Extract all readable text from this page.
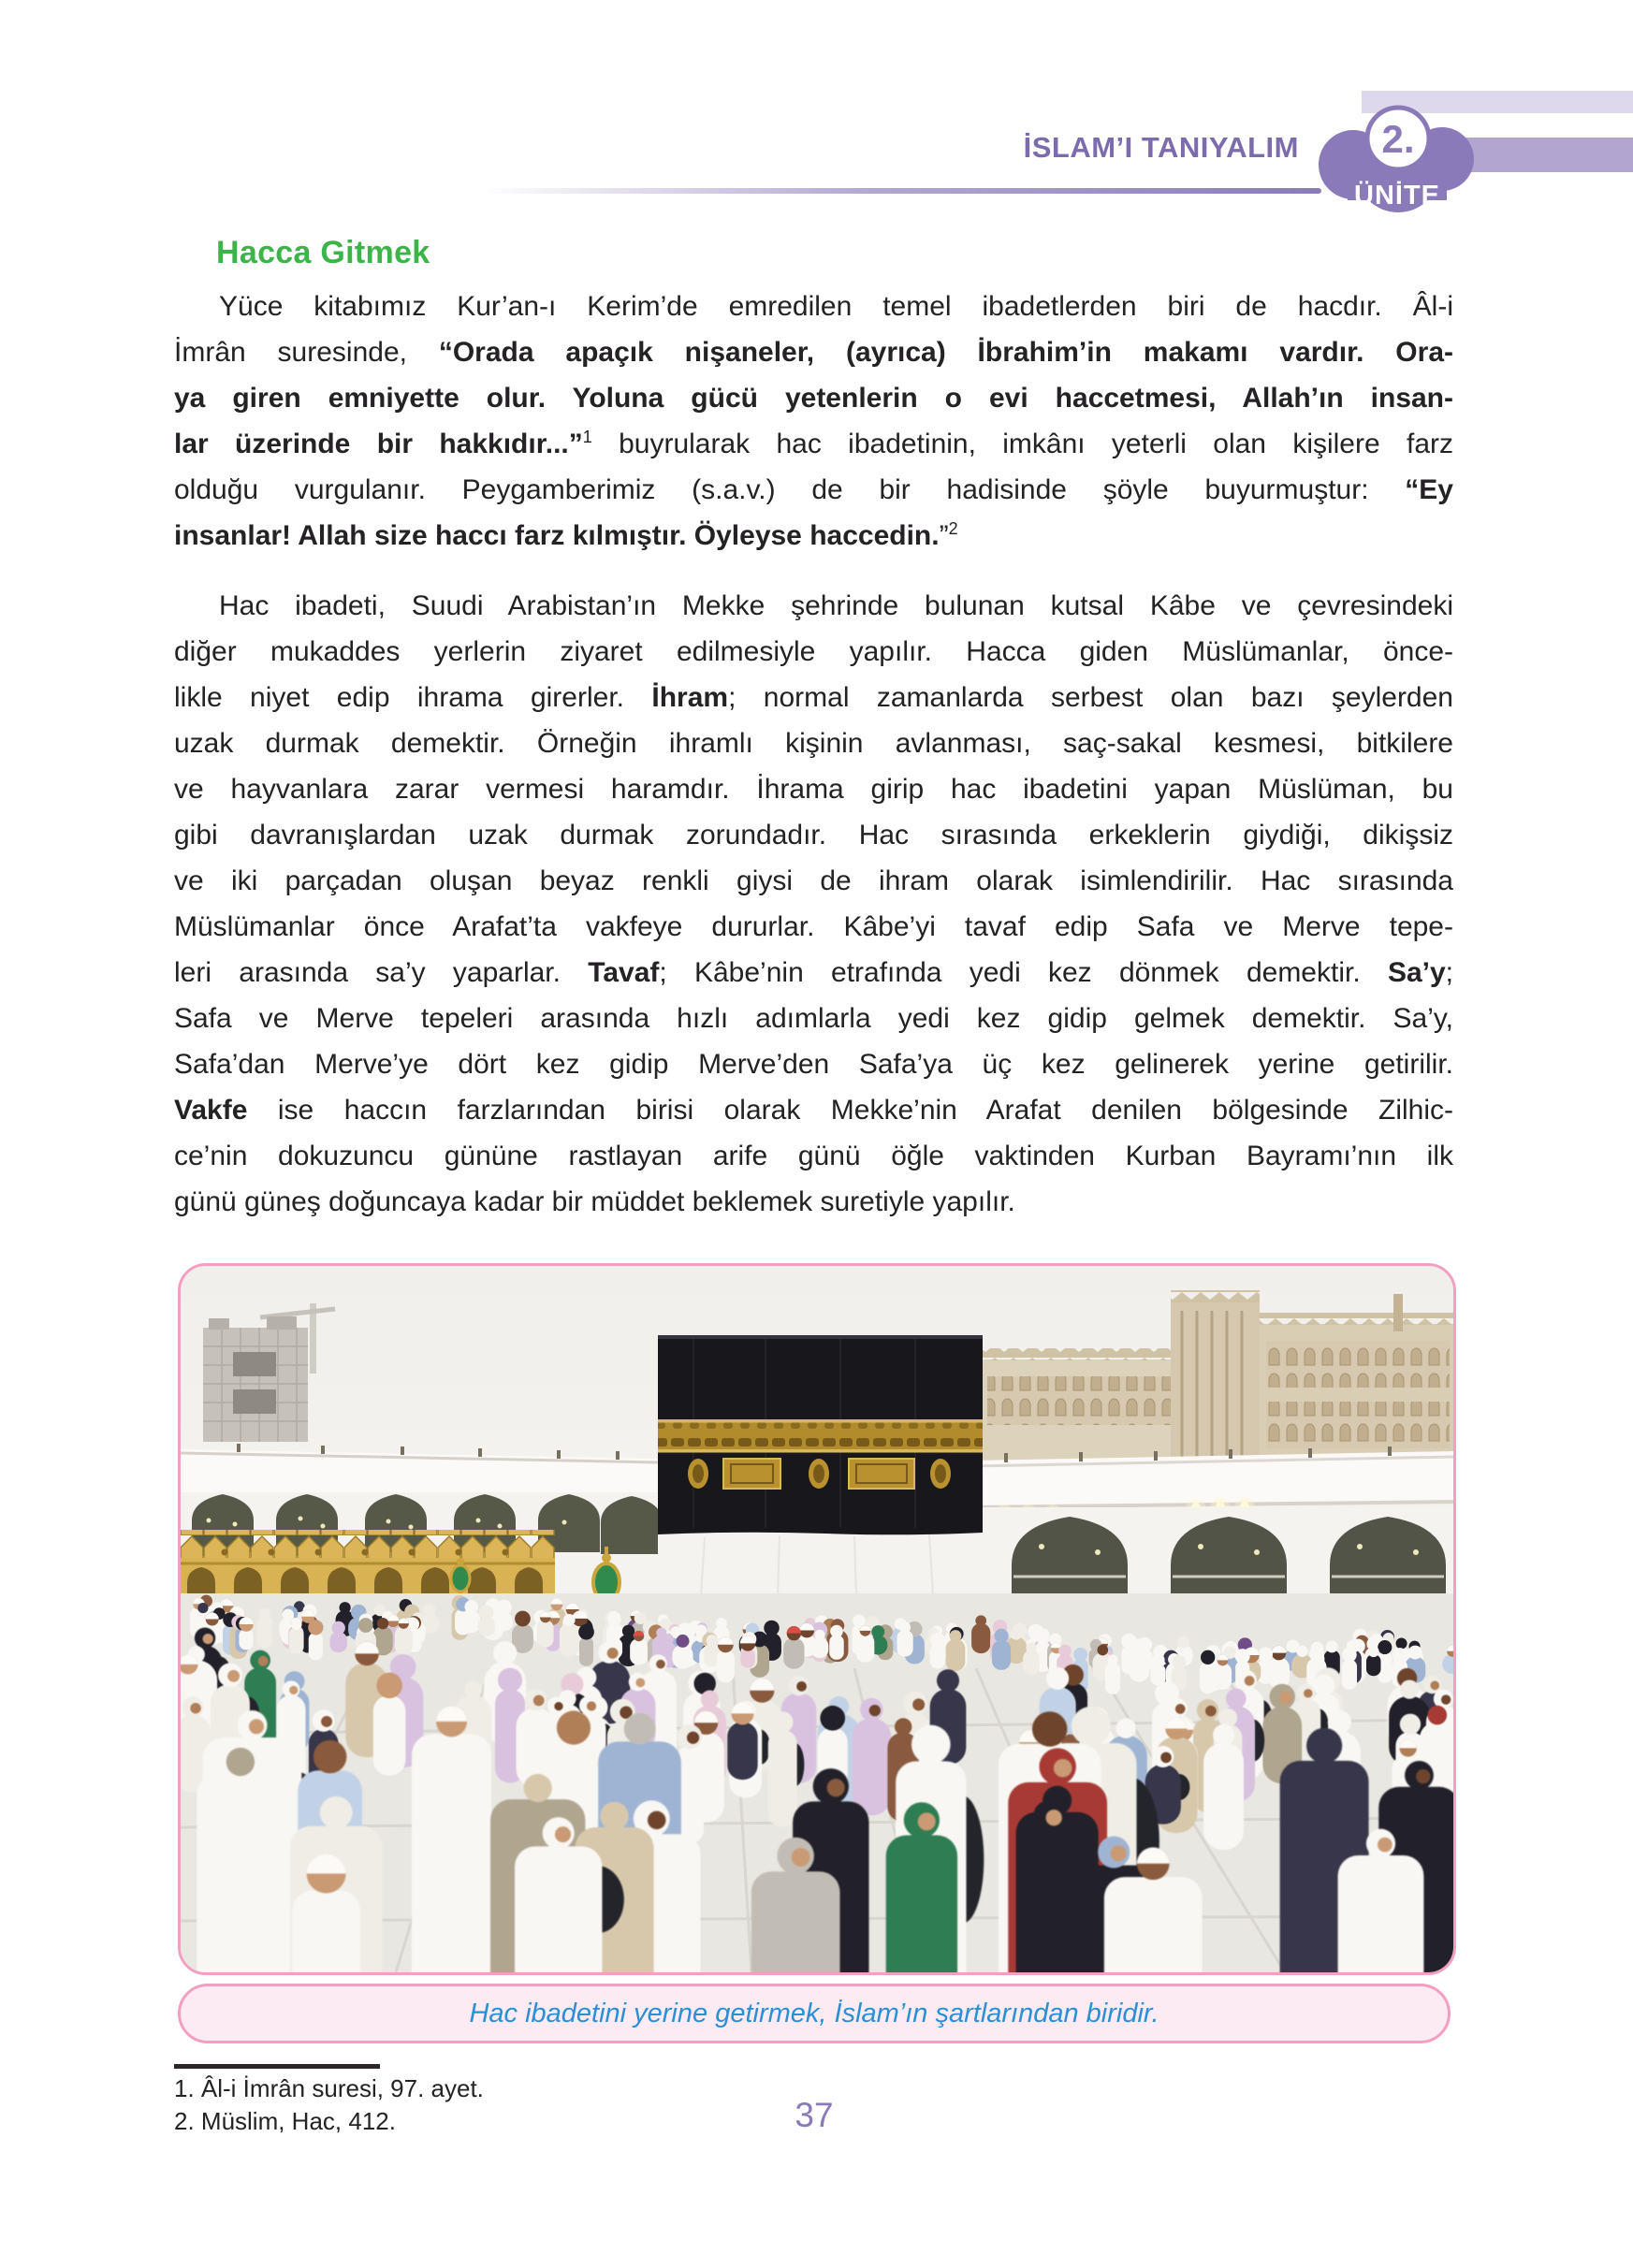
İSLAM’I TANIYALIM 2.
ÜNİTE
Hacca Gitmek
Yüce kitabımız Kur’an-ı Kerim’de emredilen temel ibadetlerden biri de hacdır. Âl-i
İmrân suresinde, “Orada apaçık nişaneler, (ayrıca) İbrahim’in makamı vardır. Ora-
ya giren emniyette olur. Yoluna gücü yetenlerin o evi haccetmesi, Allah’ın insan-
lar üzerinde bir hakkıdır...”$^1$ buyrularak hac ibadetinin, imkânı yeterli olan kişilere farz
olduğu vurgulanır. Peygamberimiz (s.a.v.) de bir hadisinde şöyle buyurmuştur: “Ey
insanlar! Allah size haccı farz kılmıştır. Öyleyse haccedin.”$^2$
Hac ibadeti, Suudi Arabistan’ın Mekke şehrinde bulunan kutsal Kâbe ve çevresindeki
diğer mukaddes yerlerin ziyaret edilmesiyle yapılır. Hacca giden Müslümanlar, önce-
likle niyet edip ihrama girerler. İhram; normal zamanlarda serbest olan bazı şeylerden
uzak durmak demektir. Örneğin ihramlı kişinin avlanması, saç-sakal kesmesi, bitkilere
ve hayvanlara zarar vermesi haramdır. İhrama girip hac ibadetini yapan Müslüman, bu
gibi davranışlardan uzak durmak zorundadır. Hac sırasında erkeklerin giydiği, dikişsiz
ve iki parçadan oluşan beyaz renkli giysi de ihram olarak isimlendirilir. Hac sırasında
Müslümanlar önce Arafat’ta vakfeye dururlar. Kâbe’yi tavaf edip Safa ve Merve tepe-
leri arasında sa’y yaparlar. Tavaf; Kâbe’nin etrafında yedi kez dönmek demektir. Sa’y;
Safa ve Merve tepeleri arasında hızlı adımlarla yedi kez gidip gelmek demektir. Sa’y,
Safa’dan Merve’ye dört kez gidip Merve’den Safa’ya üç kez gelinerek yerine getirilir.
Vakfe ise haccın farzlarından birisi olarak Mekke’nin Arafat denilen bölgesinde Zilhic-
ce’nin dokuzuncu gününe rastlayan arife günü öğle vaktinden Kurban Bayramı’nın ilk
günü güneş doğuncaya kadar bir müddet beklemek suretiyle yapılır.
Hac ibadetini yerine getirmek, İslam’ın şartlarından biridir.
1. Âl-i İmrân suresi, 97. ayet.
2. Müslim, Hac, 412.	37
